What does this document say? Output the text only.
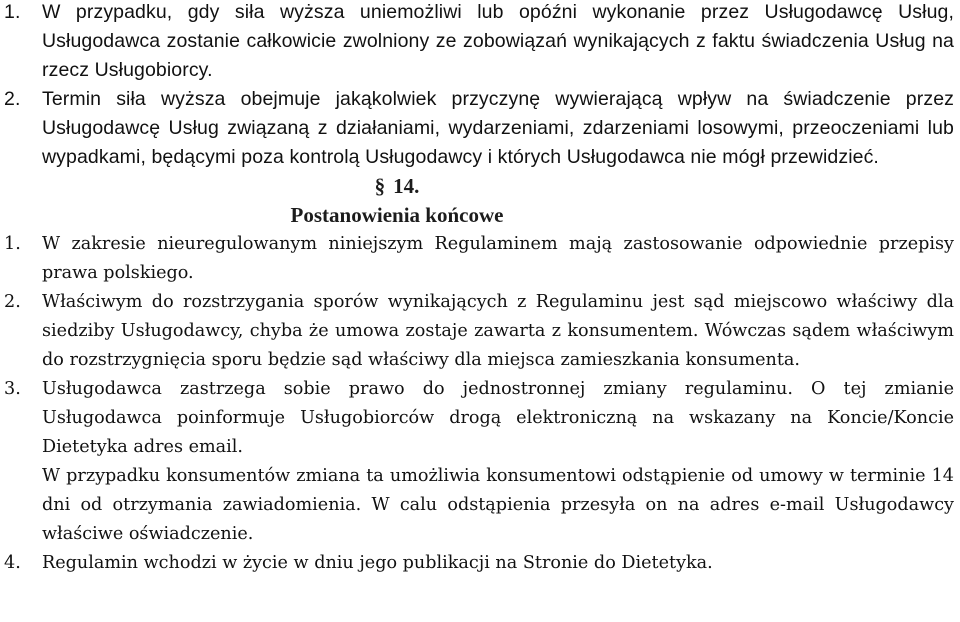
1. W przypadku, gdy siła wyższa uniemożliwi lub opóźni wykonanie przez Usługodawcę Usług, Usługodawca zostanie całkowicie zwolniony ze zobowiązań wynikających z faktu świadczenia Usług na rzecz Usługobiorcy.
2. Termin siła wyższa obejmuje jakąkolwiek przyczynę wywierającą wpływ na świadczenie przez Usługodawcę Usług związaną z działaniami, wydarzeniami, zdarzeniami losowymi, przeoczeniami lub wypadkami, będącymi poza kontrolą Usługodawcy i których Usługodawca nie mógł przewidzieć.
§ 14.
Postanowienia końcowe
1. W zakresie nieuregulowanym niniejszym Regulaminem mają zastosowanie odpowiednie przepisy prawa polskiego.
2. Właściwym do rozstrzygania sporów wynikających z Regulaminu jest sąd miejscowo właściwy dla siedziby Usługodawcy, chyba że umowa zostaje zawarta z konsumentem. Wówczas sądem właściwym do rozstrzygnięcia sporu będzie sąd właściwy dla miejsca zamieszkania konsumenta.
3. Usługodawca zastrzega sobie prawo do jednostronnej zmiany regulaminu. O tej zmianie Usługodawca poinformuje Usługobiorców drogą elektroniczną na wskazany na Koncie/Koncie Dietetyka adres email.
W przypadku konsumentów zmiana ta umożliwia konsumentowi odstąpienie od umowy w terminie 14 dni od otrzymania zawiadomienia. W calu odstąpienia przesyła on na adres e-mail Usługodawcy właściwe oświadczenie.
4. Regulamin wchodzi w życie w dniu jego publikacji na Stronie do Dietetyka.
